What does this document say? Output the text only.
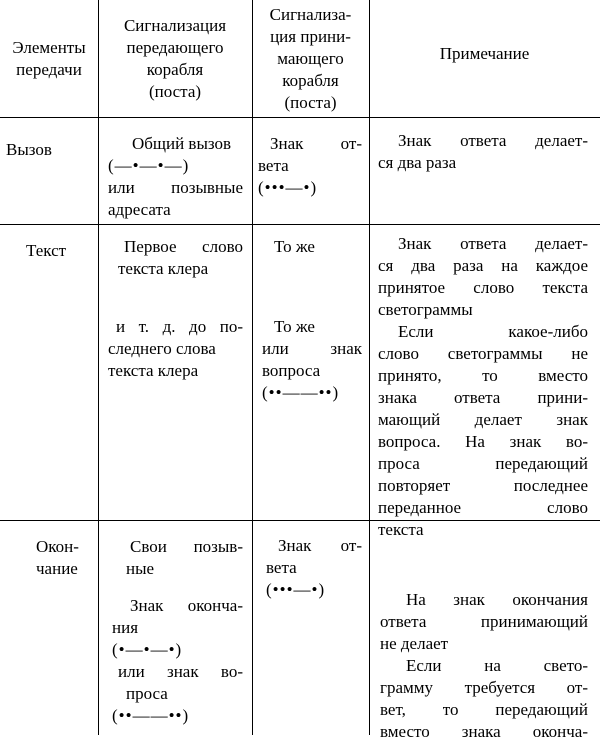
Элементы
передачи
Сигнализация
передающего
корабля
(поста)
Сигнализа-
ция прини-
мающего
корабля
(поста)
Примечание
Вызов	Общий вызов
(—•—•—)
или позывные
адресата
Знак от-
вета
(•••—•)
Знак ответа делает-
ся два раза
Текст	Первое слово
текста клера
и т. д. до по-
следнего слова
текста клера
То же
То же
или знак
вопроса
(••——••)
Знак ответа делает-
ся два раза на каждое
принятое слово текста
светограммы
Если какое-либо
слово светограммы не
принято, то вместо
знака ответа прини-
мающий делает знак
вопроса. На знак во-
проса передающий
повторяет последнее
переданное слово
текста
Окон-
чание
Свои позыв-
ные
Знак оконча-
ния
(•—•—•)
или знак во-
проса
(••——••)
Знак от-
вета
(•••—•)
На знак окончания
ответа принимающий
не делает
Если на свето-
грамму требуется от-
вет, то передающий
вместо знака оконча-
